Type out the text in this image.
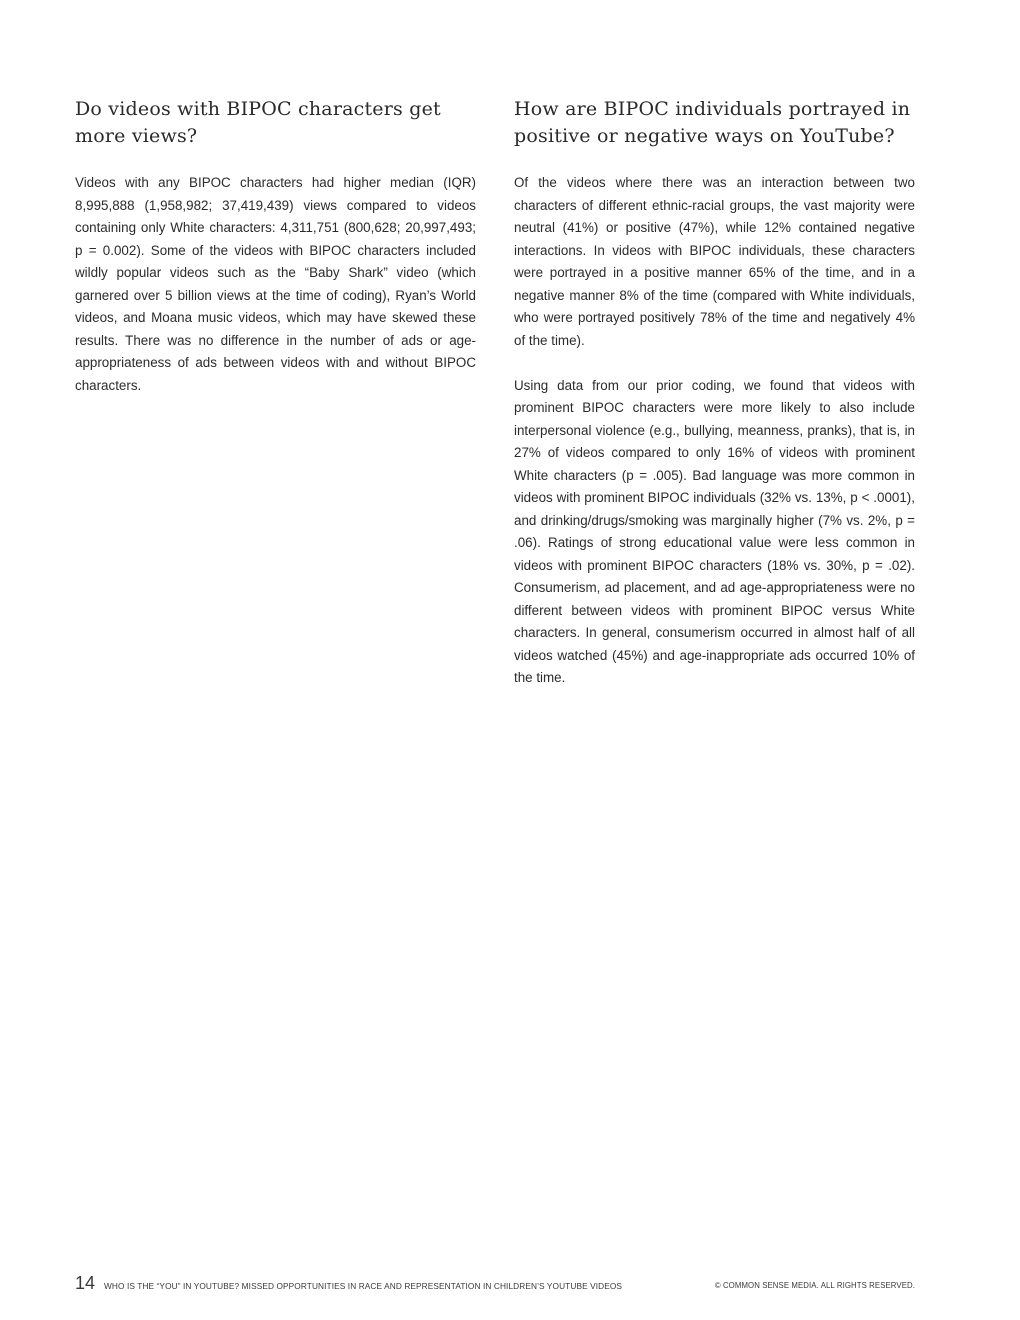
Do videos with BIPOC characters get more views?

Videos with any BIPOC characters had higher median (IQR) 8,995,888 (1,958,982; 37,419,439) views compared to videos containing only White characters: 4,311,751 (800,628; 20,997,493; p = 0.002). Some of the videos with BIPOC characters included wildly popular videos such as the “Baby Shark” video (which garnered over 5 billion views at the time of coding), Ryan’s World videos, and Moana music videos, which may have skewed these results. There was no difference in the number of ads or age-appropriateness of ads between videos with and without BIPOC characters.

How are BIPOC individuals portrayed in positive or negative ways on YouTube?

Of the videos where there was an interaction between two characters of different ethnic-racial groups, the vast majority were neutral (41%) or positive (47%), while 12% contained negative interactions. In videos with BIPOC individuals, these characters were portrayed in a positive manner 65% of the time, and in a negative manner 8% of the time (compared with White individuals, who were portrayed positively 78% of the time and negatively 4% of the time).

Using data from our prior coding, we found that videos with prominent BIPOC characters were more likely to also include interpersonal violence (e.g., bullying, meanness, pranks), that is, in 27% of videos compared to only 16% of videos with prominent White characters (p = .005). Bad language was more common in videos with prominent BIPOC individuals (32% vs. 13%, p < .0001), and drinking/drugs/smoking was marginally higher (7% vs. 2%, p = .06). Ratings of strong educational value were less common in videos with prominent BIPOC characters (18% vs. 30%, p = .02). Consumerism, ad placement, and ad age-appropriateness were no different between videos with prominent BIPOC versus White characters. In general, consumerism occurred in almost half of all videos watched (45%) and age-inappropriate ads occurred 10% of the time.

14 WHO IS THE “YOU” IN YOUTUBE? MISSED OPPORTUNITIES IN RACE AND REPRESENTATION IN CHILDREN’S YOUTUBE VIDEOS	© COMMON SENSE MEDIA. ALL RIGHTS RESERVED.
